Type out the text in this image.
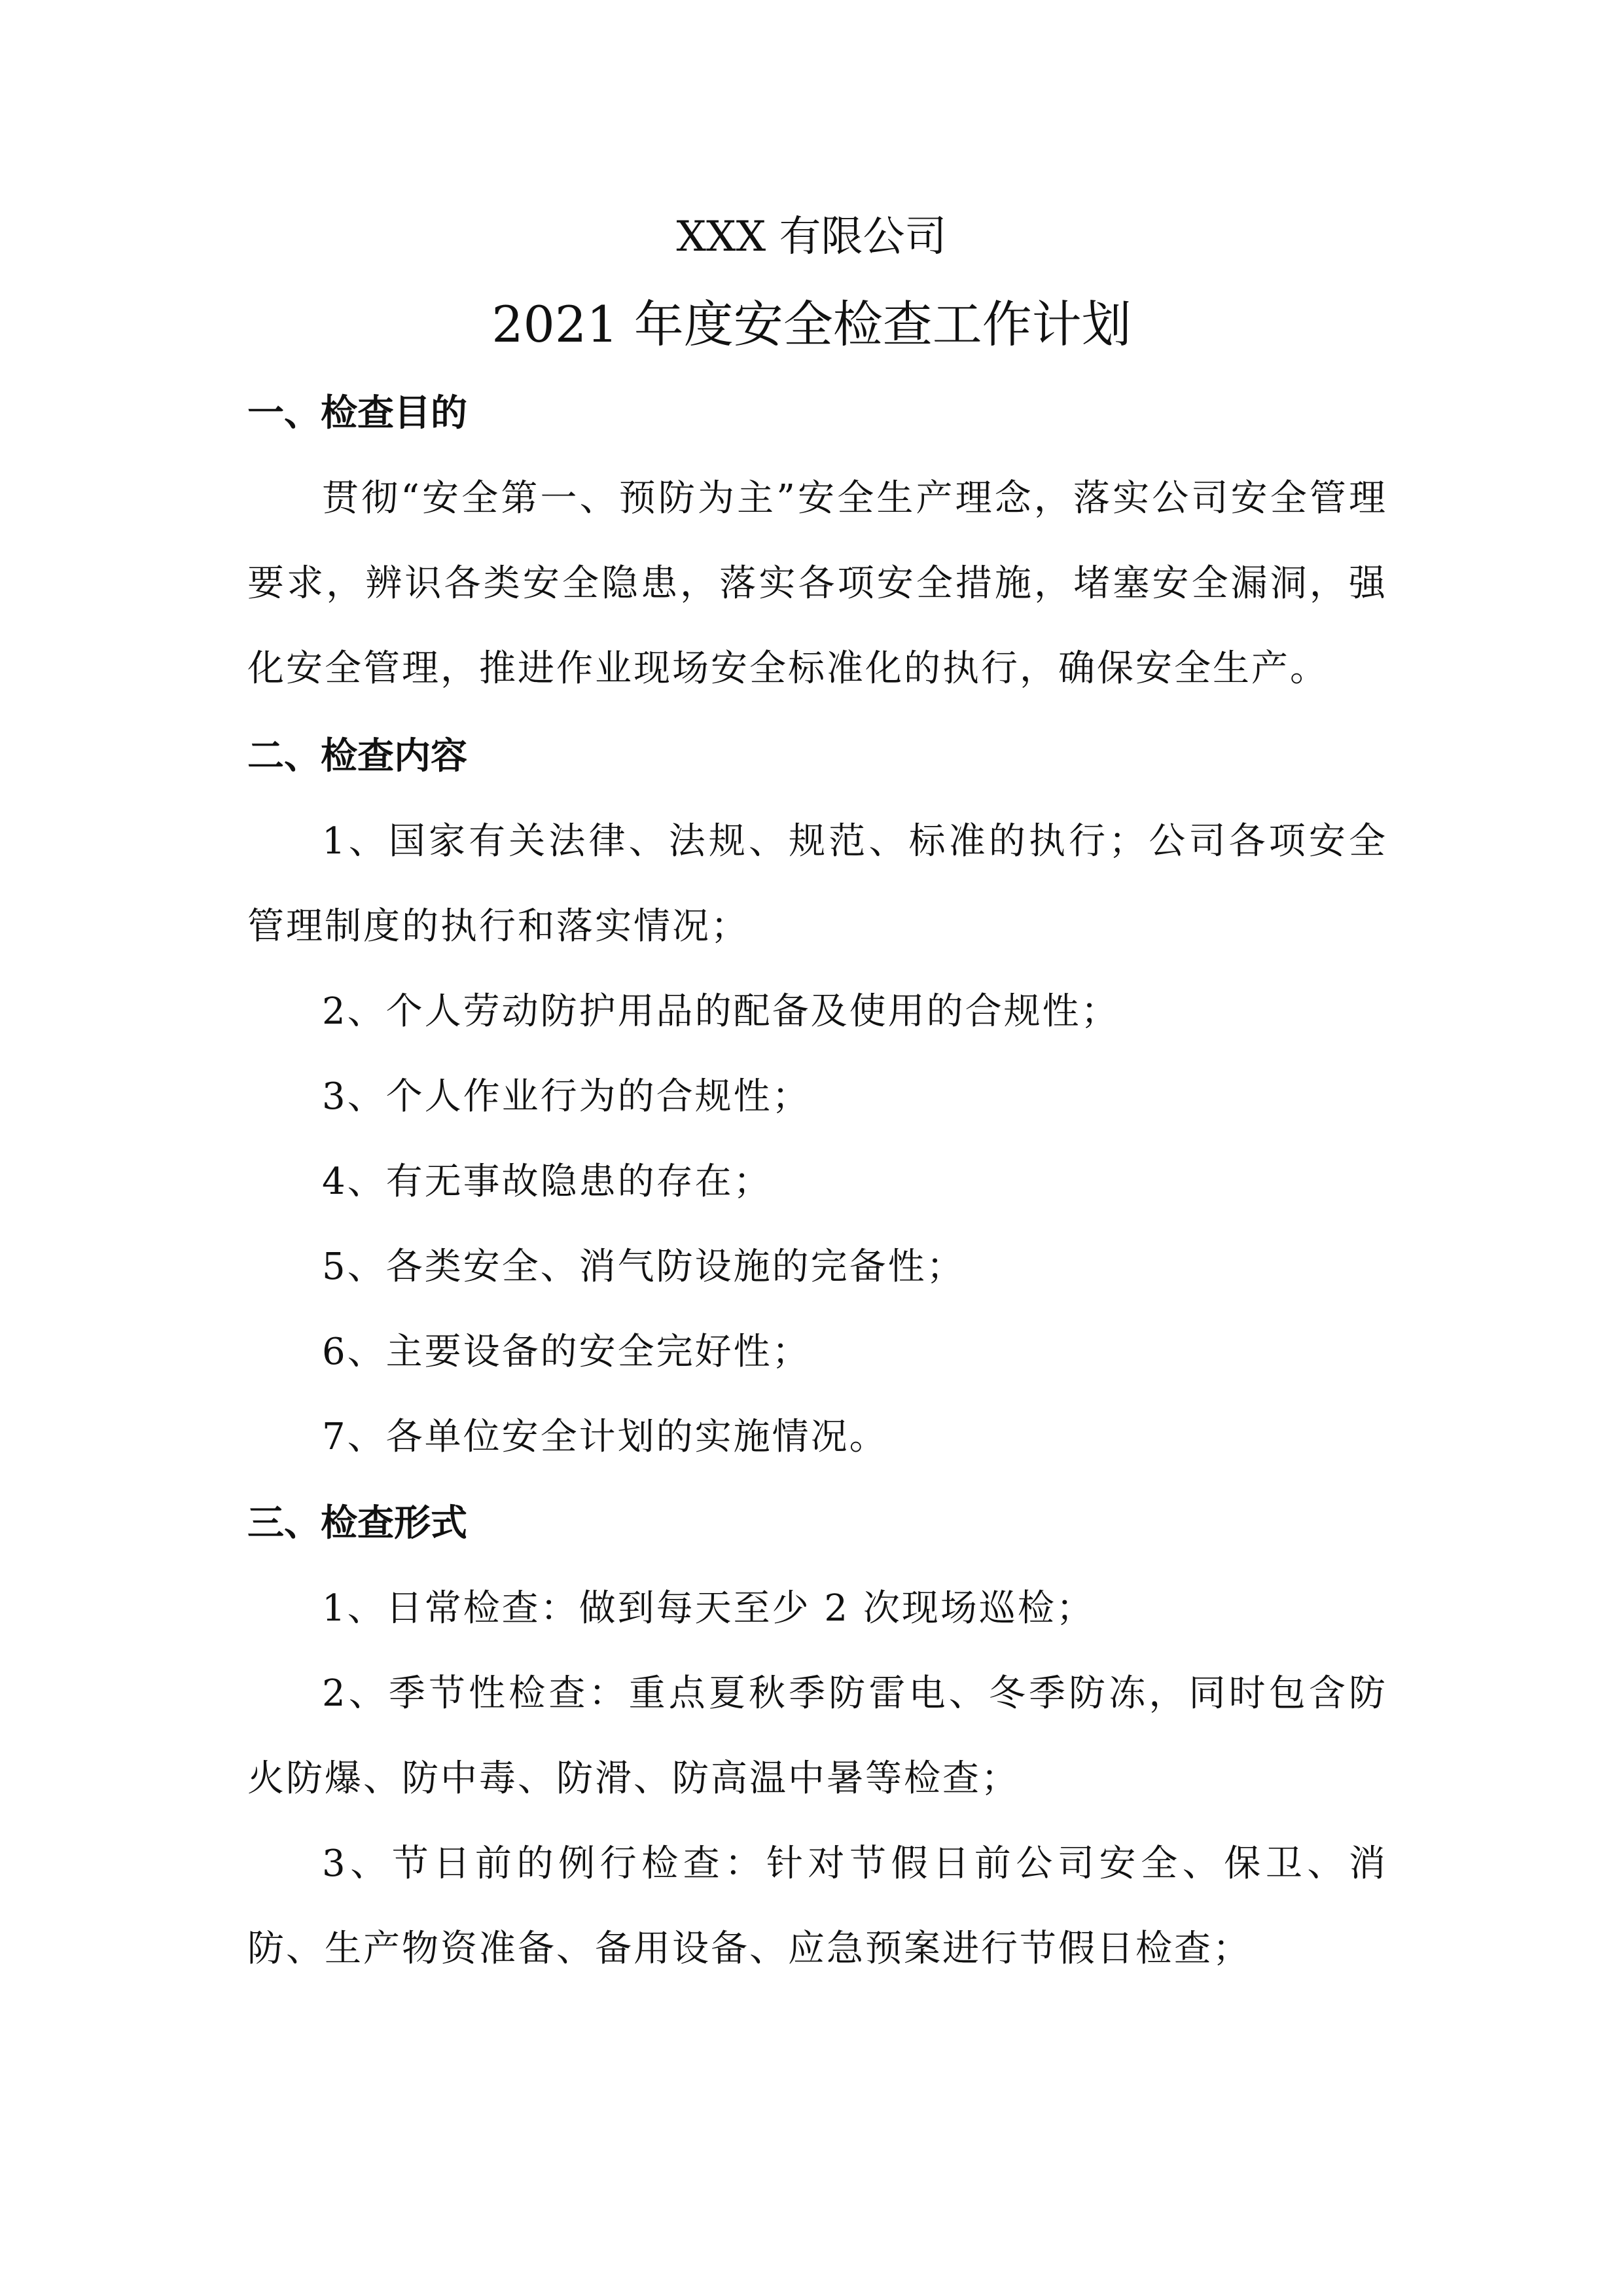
XXX 有限公司
2021 年度安全检查工作计划
一、检查目的

贯彻“安全第一、预防为主”安全生产理念，落实公司安全管理要求，辨识各类安全隐患，落实各项安全措施，堵塞安全漏洞，强化安全管理，推进作业现场安全标准化的执行，确保安全生产。

二、检查内容

1、国家有关法律、法规、规范、标准的执行；公司各项安全管理制度的执行和落实情况；

2、个人劳动防护用品的配备及使用的合规性；

3、个人作业行为的合规性；

4、有无事故隐患的存在；

5、各类安全、消气防设施的完备性；

6、主要设备的安全完好性；

7、各单位安全计划的实施情况。

三、检查形式

1、日常检查：做到每天至少 2 次现场巡检；

2、季节性检查：重点夏秋季防雷电、冬季防冻，同时包含防火防爆、防中毒、防滑、防高温中暑等检查；

3、节日前的例行检查：针对节假日前公司安全、保卫、消防、生产物资准备、备用设备、应急预案进行节假日检查；
